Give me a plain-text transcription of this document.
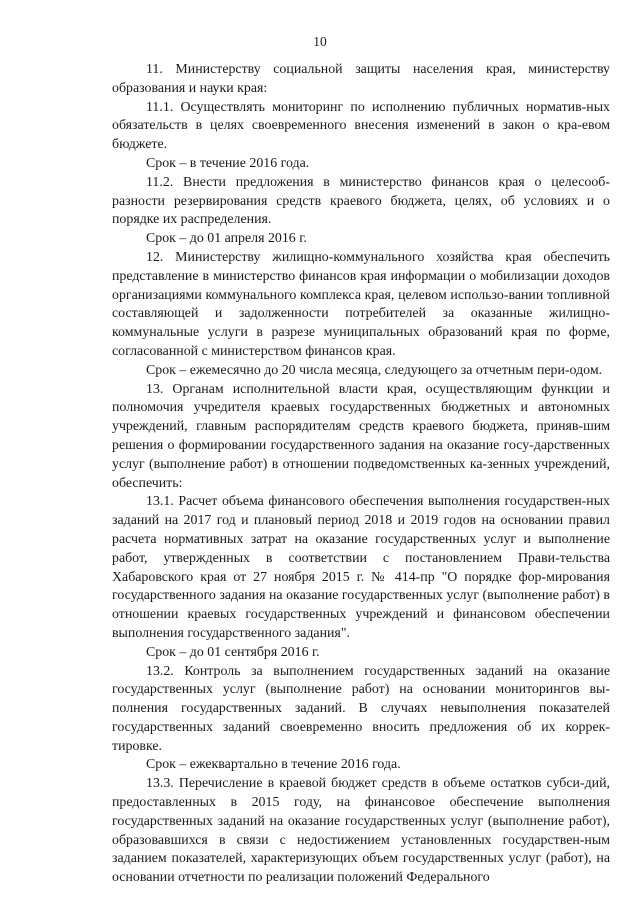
10

11. Министерству социальной защиты населения края, министерству образования и науки края:

11.1. Осуществлять мониторинг по исполнению публичных норматив-ных обязательств в целях своевременного внесения изменений в закон о кра-евом бюджете.

Срок – в течение 2016 года.

11.2. Внести предложения в министерство финансов края о целесооб-разности резервирования средств краевого бюджета, целях, об условиях и о порядке их распределения.

Срок – до 01 апреля 2016 г.

12. Министерству жилищно-коммунального хозяйства края обеспечить представление в министерство финансов края информации о мобилизации доходов организациями коммунального комплекса края, целевом использо-вании топливной составляющей и задолженности потребителей за оказанные жилищно-коммунальные услуги в разрезе муниципальных образований края по форме, согласованной с министерством финансов края.

Срок – ежемесячно до 20 числа месяца, следующего за отчетным пери-одом.

13. Органам исполнительной власти края, осуществляющим функции и полномочия учредителя краевых государственных бюджетных и автономных учреждений, главным распорядителям средств краевого бюджета, приняв-шим решения о формировании государственного задания на оказание госу-дарственных услуг (выполнение работ) в отношении подведомственных ка-зенных учреждений, обеспечить:

13.1. Расчет объема финансового обеспечения выполнения государствен-ных заданий на 2017 год и плановый период 2018 и 2019 годов на основании правил расчета нормативных затрат на оказание государственных услуг и выполнение работ, утвержденных в соответствии с постановлением Прави-тельства Хабаровского края от 27 ноября 2015 г. № 414-пр "О порядке фор-мирования государственного задания на оказание государственных услуг (выполнение работ) в отношении краевых государственных учреждений и финансовом обеспечении выполнения государственного задания".

Срок – до 01 сентября 2016 г.

13.2. Контроль за выполнением государственных заданий на оказание государственных услуг (выполнение работ) на основании мониторингов вы-полнения государственных заданий. В случаях невыполнения показателей государственных заданий своевременно вносить предложения об их коррек-тировке.

Срок – ежеквартально в течение 2016 года.

13.3. Перечисление в краевой бюджет средств в объеме остатков субси-дий, предоставленных в 2015 году, на финансовое обеспечение выполнения государственных заданий на оказание государственных услуг (выполнение работ), образовавшихся в связи с недостижением установленных государствен-ным заданием показателей, характеризующих объем государственных услуг (работ), на основании отчетности по реализации положений Федерального
